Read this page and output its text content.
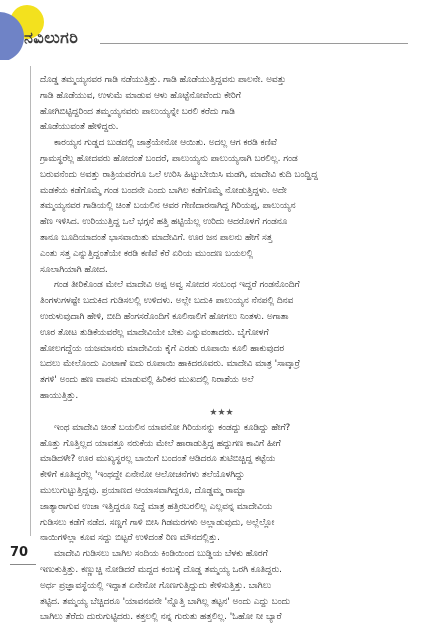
ನವಿಲುಗರಿ
ದೊಡ್ಡ ತಮ್ಮಯ್ಯನವರ ಗಾಡಿ ನಡೆಯುತ್ತಿತ್ತು. ಗಾಡಿ ಹೊಡೆಯುತ್ತಿದ್ದವನು ಪಾಲನೇ. ಅವತ್ತು
ಗಾಡಿ ಹೊಡೆಯುವ, ಉಳುಮೆ ಮಾಡುವ ಆಳು ಹೊಟ್ಟೆನೋವೆಂದು ಕೇರಿಗೆ
ಹೋಗಿಬಿಟ್ಟಿದ್ದರಿಂದ ತಮ್ಮಯ್ಯನವರು ಪಾಲುಯ್ಯನ್ನೇ ಬರಲಿ ಕರೆದು ಗಾಡಿ
ಹೊಡೆಯುವಂತೆ ಹೇಳಿದ್ದರು.
ಕಾರಯ್ಯನ ಗುಡ್ಡದ ಬುಡದಲ್ಲಿ ಜಾತ್ರೆಯೇನೋ ಆಯಿತು. ಅದಲ್ಲ ಆಗ ಕರಡಿ ಕಣಿವೆ
ಗ್ರಾಮಸ್ಥರೆಲ್ಲ ಹೋದವರು ಹೋದಂತೆ ಬಂದರೆ, ಪಾಲುಯ್ಯನು ಪಾಲುಯ್ಯನಾಗಿ ಬರಲಿಲ್ಲ. ಗಂಡ
ಬರುವನೆಂದು ಅವತ್ತು ರಾತ್ರಿಯವರೆಗೂ ಒಲೆ ಉರಿಸಿ ಹಿಟ್ಟುಬೇಯಿಸಿ ಮಡಗಿ, ಮಾದೇವಿ ಕುದಿ ಬಂದ್ಹಿದ್ದ
ಮಡಕೆಯ ಕಡೆಗೊಮ್ಮೆ ಗಂಡ ಬಂದನೇ ಎಂದು ಬಾಗಿಲ ಕಡೆಗೊಮ್ಮೆ ನೋಡುತ್ತಿದ್ದಳು. ಅದೇ
ತಮ್ಮಯ್ಯನವರ ಗಾಡಿಯಲ್ಲಿ ಚಿಂತೆ ಬಯಲಿನ ಆವರ ಗೇಣಿದಾರನಾಗಿದ್ದ ಗಿರಿಯಪ್ಪ, ಪಾಲುಯ್ಯನ
ಹೆಣ ಇಳಿಸಿದ. ಉರಿಯುತ್ತಿದ್ದ ಒಲೆ ಭಗ್ಗನೆ ಹತ್ತಿ ಹಟ್ಟಿಯೆಲ್ಲ ಉರಿದು ಆದರೊಳಗೆ ಗಂಡನೂ
ತಾನೂ ಬೂದಿಯಾದಂತೆ ಭಾಸವಾಯಿತು ಮಾದೇವಿಗೆ. ಊರ ಜನ ಪಾಲನು ಹೇಗೆ ಸತ್ತ
ಎಂತು ಸತ್ತ ಎನ್ನುತ್ತಿದ್ದಂತೆಯೇ ಕರಡಿ ಕಣಿವೆ ಕೆರೆ ಏರಿಯ ಮುಂದಣ ಬಯಲಲ್ಲಿ
ಸೂಲಾಗಿಯಾಗಿ ಹೋದ.
ಗಂಡ ತೀರಿಕೊಂಡ ಮೇಲೆ ಮಾದೇವಿ ಅಪ್ಪ ಅವ್ವ ಸೋದರ ಸಂಬಂಧ ಇದ್ದರೆ ಗಂಡನೊಂದಿಗೆ
ತಿಂಗಳುಗಳಷ್ಟೇ ಬದುಕಿದ ಗುಡಿಸಲಲ್ಲಿ ಉಳಿದಳು. ಅಲ್ಲೇ ಬದುಕಿ ಪಾಲುಯ್ಯನ ನೆನಪಲ್ಲಿ ದಿನವ
ಉರುಳುವುದಾಗಿ ಹೇಳಿ, ಬೀದಿ ಹೆಂಗಸರೊಂದಿಗೆ ಕೂಲಿನಾಲಿಗೆ ಹೋಗಲು ನಿಂತಳು. ಅಗಾತಾ
ಊರ ತೋಟ ತುಡಿಕೆಯವರೆಲ್ಲ ಮಾದೇವಿಯೇ ಬೇಕು ಎನ್ನುವಂತಾದರು. ಬೈಗೋಳಗೆ
ಹೋಲಗದ್ದೆಯ ಯಜಮಾನರು ಮಾದೇವಿಯ ಕೈಗೆ ಎರಡು ರೂಪಾಯಿ ಕೂಲಿ ಹಾಕುವುದರ
ಬದಲು ಮೇಲೊಂದು ಎಂಟಾಣೆ ಐದು ರೂಪಾಯಿ ಹಾಕಿದರೂವರು. ಮಾದೇವಿ ಮಾತ್ರ 'ಸಾವ್ಕಾರ್ರೆ
ತಗಳಿ' ಅಂದು ಹಣ ವಾಪಸು ಮಾಡುವಲ್ಲಿ ಹಿರಿಕರ ಮುಖದಲ್ಲಿ ನಿರಾಶೆಯ ಅಲೆ
ಹಾಯುತ್ತಿತ್ತು.
★★★
ಇಂಥ ಮಾದೇವಿ ಚಿಂತೆ ಬಯಲಿನ ಯಾವನೋ ಗಿರಿಯನನ್ನು ಕಂಡದ್ದು ಕೂಡಿದ್ದು ಹೇಗೆ?
ಹೊತ್ತು ಗೊತ್ತಿಲ್ಲದ ಯಾವತ್ತೂ ನರುಕೆಯ ಮೇಲೆ ಹಾರಾಡುತ್ತಿದ್ದ ಹದ್ದುಗಣ ಕಾವಿಗೆ ಹೀಗೆ
ಮಾಡಿದಳೇ? ಊರ ಮುಖ್ಯಸ್ಥರಲ್ಲ ಬಾಯಿಗೆ ಬಂದಂತೆ ಆಡಿದರೂ ತುಟಿಬಿಚ್ಚಿದ್ದ ಕಟ್ಟೆಯ
ಕೇಳಿಗೆ ಕೂತಿದ್ದರೆಲ್ಲ 'ಇಂಥದ್ದೇ ಏನೇನೋ ಆಲೋಚನೆಗಳು ತಲೆಯೊಳಗಿದ್ದು
ಮುಲುಗುಟ್ಟುತ್ತಿದ್ದವು. ಪ್ರಯಾಣದ ಆಯಾಸವಾಗಿದ್ದರೂ, ದೊಡ್ಡಮ್ಮ ರಾಮ್ಟಾ
ಜಾತ್ಯಾರಾಗುವ ಉಜಾ ಇತ್ತಿದ್ದರೂ ನಿದ್ದೆ ಮಾತ್ರ ಹತ್ತಿರಬರಲಿಲ್ಲ ಎಲ್ಲವನ್ನ ಮಾದೇವಿಯ
ಗುಡಿಸಲು ಕಡೆಗೆ ನಡೆದ. ಸಣ್ಣಗೆ ಗಾಳಿ ಬೀಸಿ ಗಿಡಮರಗಳು ಅಲ್ಲಾಡುವುದು, ಅಲ್ಲೆಲ್ಲೋ
ನಾಯಿಗಳಿಲ್ಲಾ ಕೂವ ಸದ್ದು ಬಿಟ್ಟರೆ ಉಳಿದಂತೆ ರಿಣ ಮೌನದಲ್ಲಿತ್ತು.
ಮಾದೇವಿ ಗುಡಿಸಲು ಬಾಗಿಲ ಸಂದಿಯ ಕಿಂಡಿಯಿಂದ ಬುಡ್ಡಿಯ ಬೆಳಕು ಹೊರಗೆ
ಇಣುಕುತ್ತಿತ್ತು. ಕಣ್ಣುಚ್ಚಿ ನೋಡಿದರೆ ಮದ್ದದ ಕಂಬಕ್ಕೆ ದೊಡ್ಡ ತಮ್ಮಯ್ಯ ಒರಗಿ ಕೂತಿದ್ದರು.
ಅರ್ಧ ಪ್ರಜ್ಞಾವಸ್ಥೆಯಲ್ಲಿ ಇದ್ದಾತ ಏನೇನೋ ಗೊಣಗುತ್ತಿದ್ದುದು ಕೇಳಿಸುತ್ತಿತ್ತು. ಬಾಗಿಲು
ತಟ್ಟಿದ. ತಮ್ಮಯ್ಯ ಬೆಚ್ಚಿದರೂ 'ಯಾವನವನೇ 'ನ್ನೊತ್ತಿ ಬಾಗಿಲ್ಲ ತಟ್ಟನ' ಅಂದು ಎದ್ದು ಬಂದು
ಬಾಗಿಲು ತೆರೆದು ದುರುಗುಟ್ಟಿದರು. ಕತ್ತಲಲ್ಲಿ ನನ್ನ ಗುರುತು ಹತ್ತಲಿಲ್ಲ. 'ಓಹೋ ನೀ ಬ್ಯಾರೆ
70
